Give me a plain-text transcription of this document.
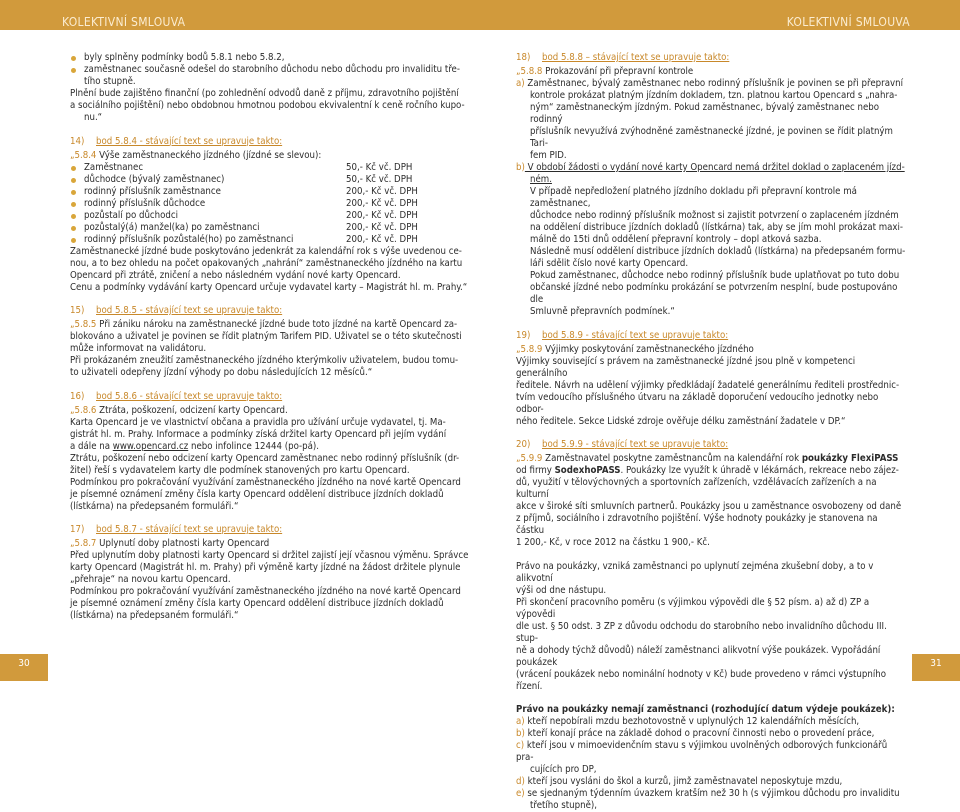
KOLEKTIVNÍ SMLOUVA	KOLEKTIVNÍ SMLOUVA

byly splněny podmínky bodů 5.8.1 nebo 5.8.2,

zaměstnanec současně odešel do starobního důchodu nebo důchodu pro invaliditu tře-

tího stupně.

Plnění bude zajištěno finanční (po zohlednění odvodů daně z příjmu, zdravotního pojištění

a sociálního pojištění) nebo obdobnou hmotnou podobou ekvivalentní k ceně ročního kupo-

nu.“

14)	bod 5.8.4 - stávající text se upravuje takto:

„5.8.4 Výše zaměstnaneckého jízdného (jízdné se slevou):

Zaměstnanec	50,- Kč vč. DPH
důchodce (bývalý zaměstnanec)	50,- Kč vč. DPH
rodinný příslušník zaměstnance	200,- Kč vč. DPH
rodinný příslušník důchodce	200,- Kč vč. DPH
pozůstalí po důchodci	200,- Kč vč. DPH
pozůstalý(á) manžel(ka) po zaměstnanci	200,- Kč vč. DPH
rodinný příslušník pozůstalé(ho) po zaměstnanci	200,- Kč vč. DPH

Zaměstnanecké jízdné bude poskytováno jedenkrát za kalendářní rok s výše uvedenou ce-

nou, a to bez ohledu na počet opakovaných „nahrání“ zaměstnaneckého jízdného na kartu

Opencard při ztrátě, zničení a nebo následném vydání nové karty Opencard.

Cenu a podmínky vydávání karty Opencard určuje vydavatel karty – Magistrát hl. m. Prahy.“

15)	bod 5.8.5 - stávající text se upravuje takto:

„5.8.5 Při zániku nároku na zaměstnanecké jízdné bude toto jízdné na kartě Opencard za-

blokováno a uživatel je povinen se řídit platným Tarifem PID. Uživatel se o této skutečnosti

může informovat na validátoru.

Při prokázaném zneužití zaměstnaneckého jízdného kterýmkoliv uživatelem, budou tomu-

to uživateli odepřeny jízdní výhody po dobu následujících 12 měsíců.“

16)	bod 5.8.6 - stávající text se upravuje takto:

„5.8.6 Ztráta, poškození, odcizení karty Opencard.

Karta Opencard je ve vlastnictví občana a pravidla pro užívání určuje vydavatel, tj. Ma-

gistrát hl. m. Prahy. Informace a podmínky získá držitel karty Opencard při jejím vydání

a dále na www.opencard.cz nebo infolince 12444 (po-pá).

Ztrátu, poškození nebo odcizení karty Opencard zaměstnanec nebo rodinný příslušník (dr-

žitel) řeší s vydavatelem karty dle podmínek stanovených pro kartu Opencard.

Podmínkou pro pokračování využívání zaměstnaneckého jízdného na nové kartě Opencard

je písemné oznámení změny čísla karty Opencard oddělení distribuce jízdních dokladů

(lístkárna) na předepsaném formuláři.“

17)	bod 5.8.7 - stávající text se upravuje takto:

„5.8.7 Uplynutí doby platnosti karty Opencard

Před uplynutím doby platnosti karty Opencard si držitel zajistí její včasnou výměnu. Správce

karty Opencard (Magistrát hl. m. Prahy) při výměně karty jízdné na žádost držitele plynule

„přehraje“ na novou kartu Opencard.

Podmínkou pro pokračování využívání zaměstnaneckého jízdného na nové kartě Opencard

je písemné oznámení změny čísla karty Opencard oddělení distribuce jízdních dokladů

(lístkárna) na předepsaném formuláři.“

18)	bod 5.8.8 – stávající text se upravuje takto:

„5.8.8 Prokazování při přepravní kontrole

a) Zaměstnanec, bývalý zaměstnanec nebo rodinný příslušník je povinen se při přepravní

kontrole prokázat platným jízdním dokladem, tzn. platnou kartou Opencard s „nahra-

ným“ zaměstnaneckým jízdným. Pokud zaměstnanec, bývalý zaměstnanec nebo rodinný

příslušník nevyužívá zvýhodněné zaměstnanecké jízdné, je povinen se řídit platným Tari-

fem PID.

b) V období žádosti o vydání nové karty Opencard nemá držitel doklad o zaplaceném jízd-

ném.

V případě nepředložení platného jízdního dokladu při přepravní kontrole má zaměstnanec,

důchodce nebo rodinný příslušník možnost si zajistit potvrzení o zaplaceném jízdném

na oddělení distribuce jízdních dokladů (lístkárna) tak, aby se jím mohl prokázat maxi-

málně do 15ti dnů oddělení přepravní kontroly – dopl atková sazba.

Následně musí oddělení distribuce jízdních dokladů (lístkárna) na předepsaném formu-

láři sdělit číslo nové karty Opencard.

Pokud zaměstnanec, důchodce nebo rodinný příslušník bude uplatňovat po tuto dobu

občanské jízdné nebo podmínku prokázání se potvrzením nesplní, bude postupováno dle

Smluvně přepravních podmínek.“

19)	bod 5.8.9 - stávající text se upravuje takto:

„5.8.9 Výjimky poskytování zaměstnaneckého jízdného

Výjimky související s právem na zaměstnanecké jízdné jsou plně v kompetenci generálního

ředitele. Návrh na udělení výjimky předkládají žadatelé generálnímu řediteli prostřednic-

tvím vedoucího příslušného útvaru na základě doporučení vedoucího jednotky nebo odbor-

ného ředitele. Sekce Lidské zdroje ověřuje délku zaměstnání žadatele v DP.“

20)	bod 5.9.9 - stávající text se upravuje takto:

„5.9.9 Zaměstnavatel poskytne zaměstnancům na kalendářní rok poukázky FlexiPASS

od firmy SodexhoPASS. Poukázky lze využít k úhradě v lékárnách, rekreace nebo zájez-

dů, využití v tělovýchovných a sportovních zařízeních, vzdělávacích zařízeních a na kulturní

akce v široké síti smluvních partnerů. Poukázky jsou u zaměstnance osvobozeny od daně

z příjmů, sociálního i zdravotního pojištění. Výše hodnoty poukázky je stanovena na částku

1 200,- Kč, v roce 2012 na částku 1 900,- Kč.

Právo na poukázky, vzniká zaměstnanci po uplynutí zejména zkušební doby, a to v alikvotní

výši od dne nástupu.

Při skončení pracovního poměru (s výjimkou výpovědi dle § 52 písm. a) až d) ZP a výpovědi

dle ust. § 50 odst. 3 ZP z důvodu odchodu do starobního nebo invalidního důchodu III. stup-

ně a dohody týchž důvodů) náleží zaměstnanci alikvotní výše poukázek. Vypořádání poukázek

(vrácení poukázek nebo nominální hodnoty v Kč) bude provedeno v rámci výstupního řízení.

Právo na poukázky nemají zaměstnanci (rozhodující datum výdeje poukázek):

a) kteří nepobírali mzdu bezhotovostně v uplynulých 12 kalendářních měsících,

b) kteří konají práce na základě dohod o pracovní činnosti nebo o provedení práce,

c) kteří jsou v mimoevidenčním stavu s výjimkou uvolněných odborových funkcionářů pra-

cujících pro DP,

d) kteří jsou vysláni do škol a kurzů, jimž zaměstnavatel neposkytuje mzdu,

e) se sjednaným týdenním úvazkem kratším než 30 h (s výjimkou důchodu pro invaliditu

třetího stupně),

30	31
